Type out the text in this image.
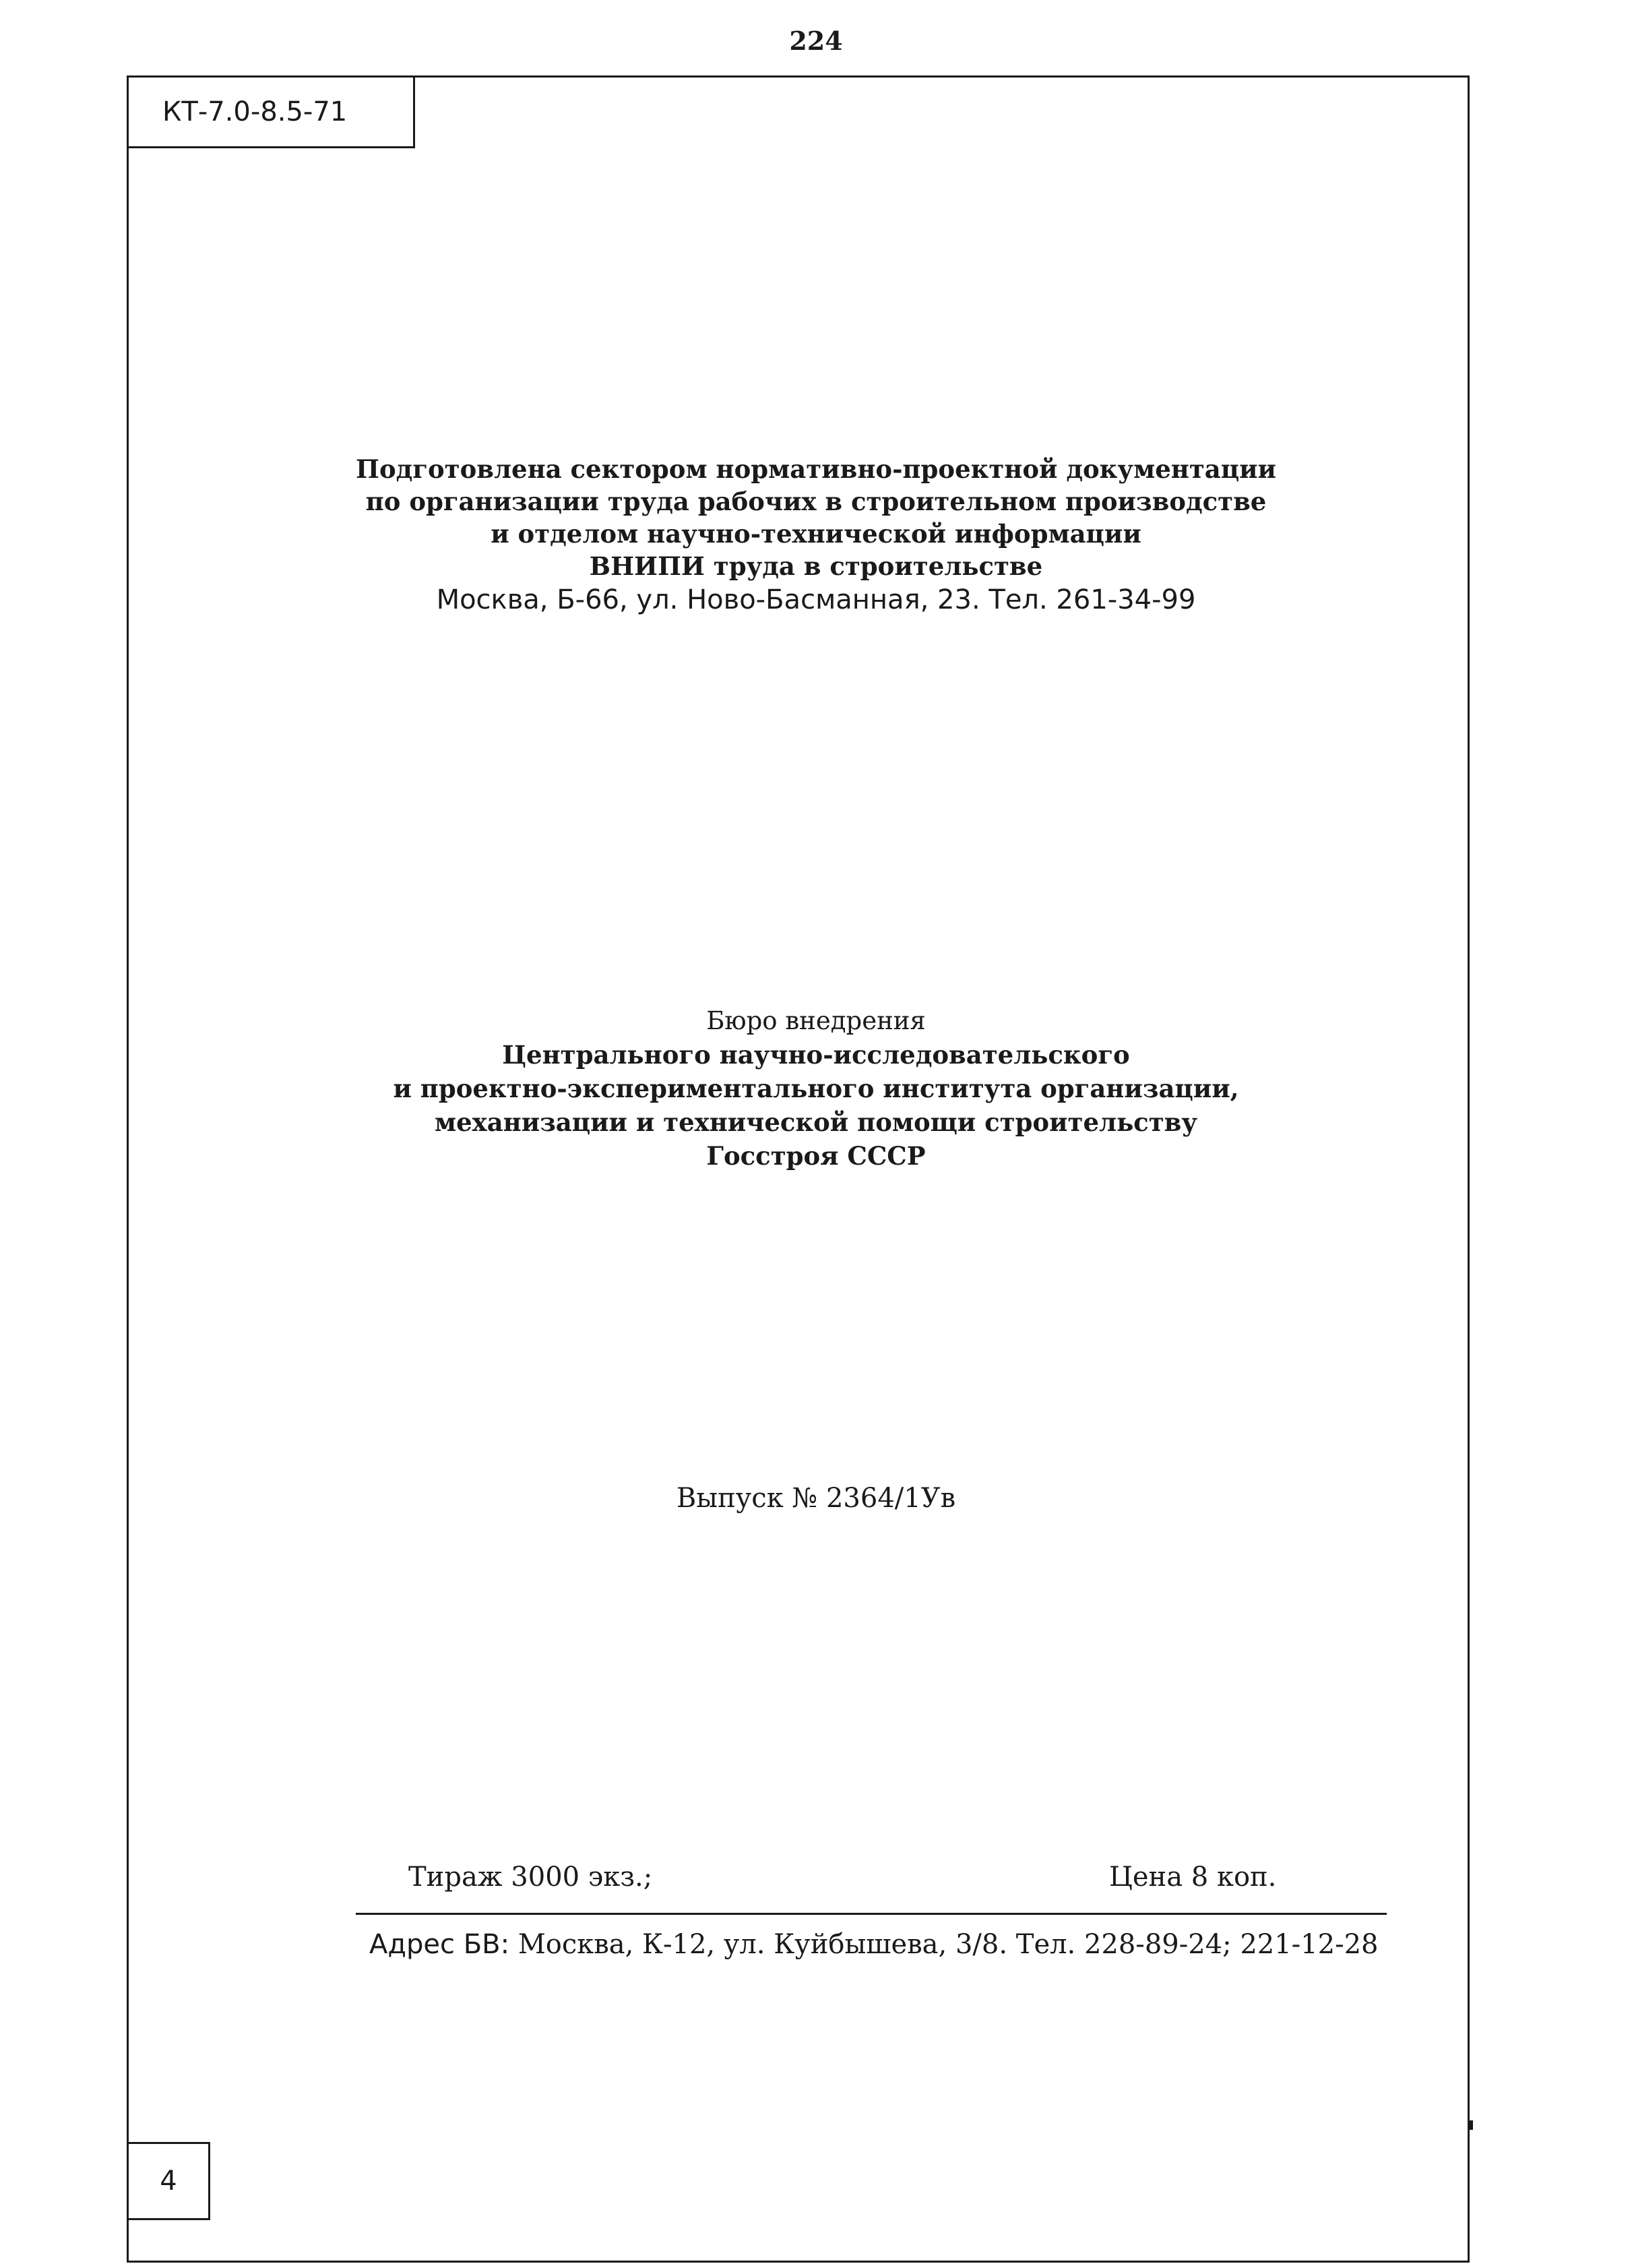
224
КТ-7.0-8.5-71
Подготовлена сектором нормативно-проектной документации
по организации труда рабочих в строительном производстве
и отделом научно-технической информации
ВНИПИ труда в строительстве
Москва, Б-66, ул. Ново-Басманная, 23. Тел. 261-34-99
Бюро внедрения
Центрального научно-исследовательского
и проектно-экспериментального института организации,
механизации и технической помощи строительству
Госстроя СССР
Выпуск № 2364/1Ув
Тираж 3000 экз.;	Цена 8 коп.
Адрес БВ: Москва, К-12, ул. Куйбышева, 3/8. Тел. 228-89-24; 221-12-28
4
